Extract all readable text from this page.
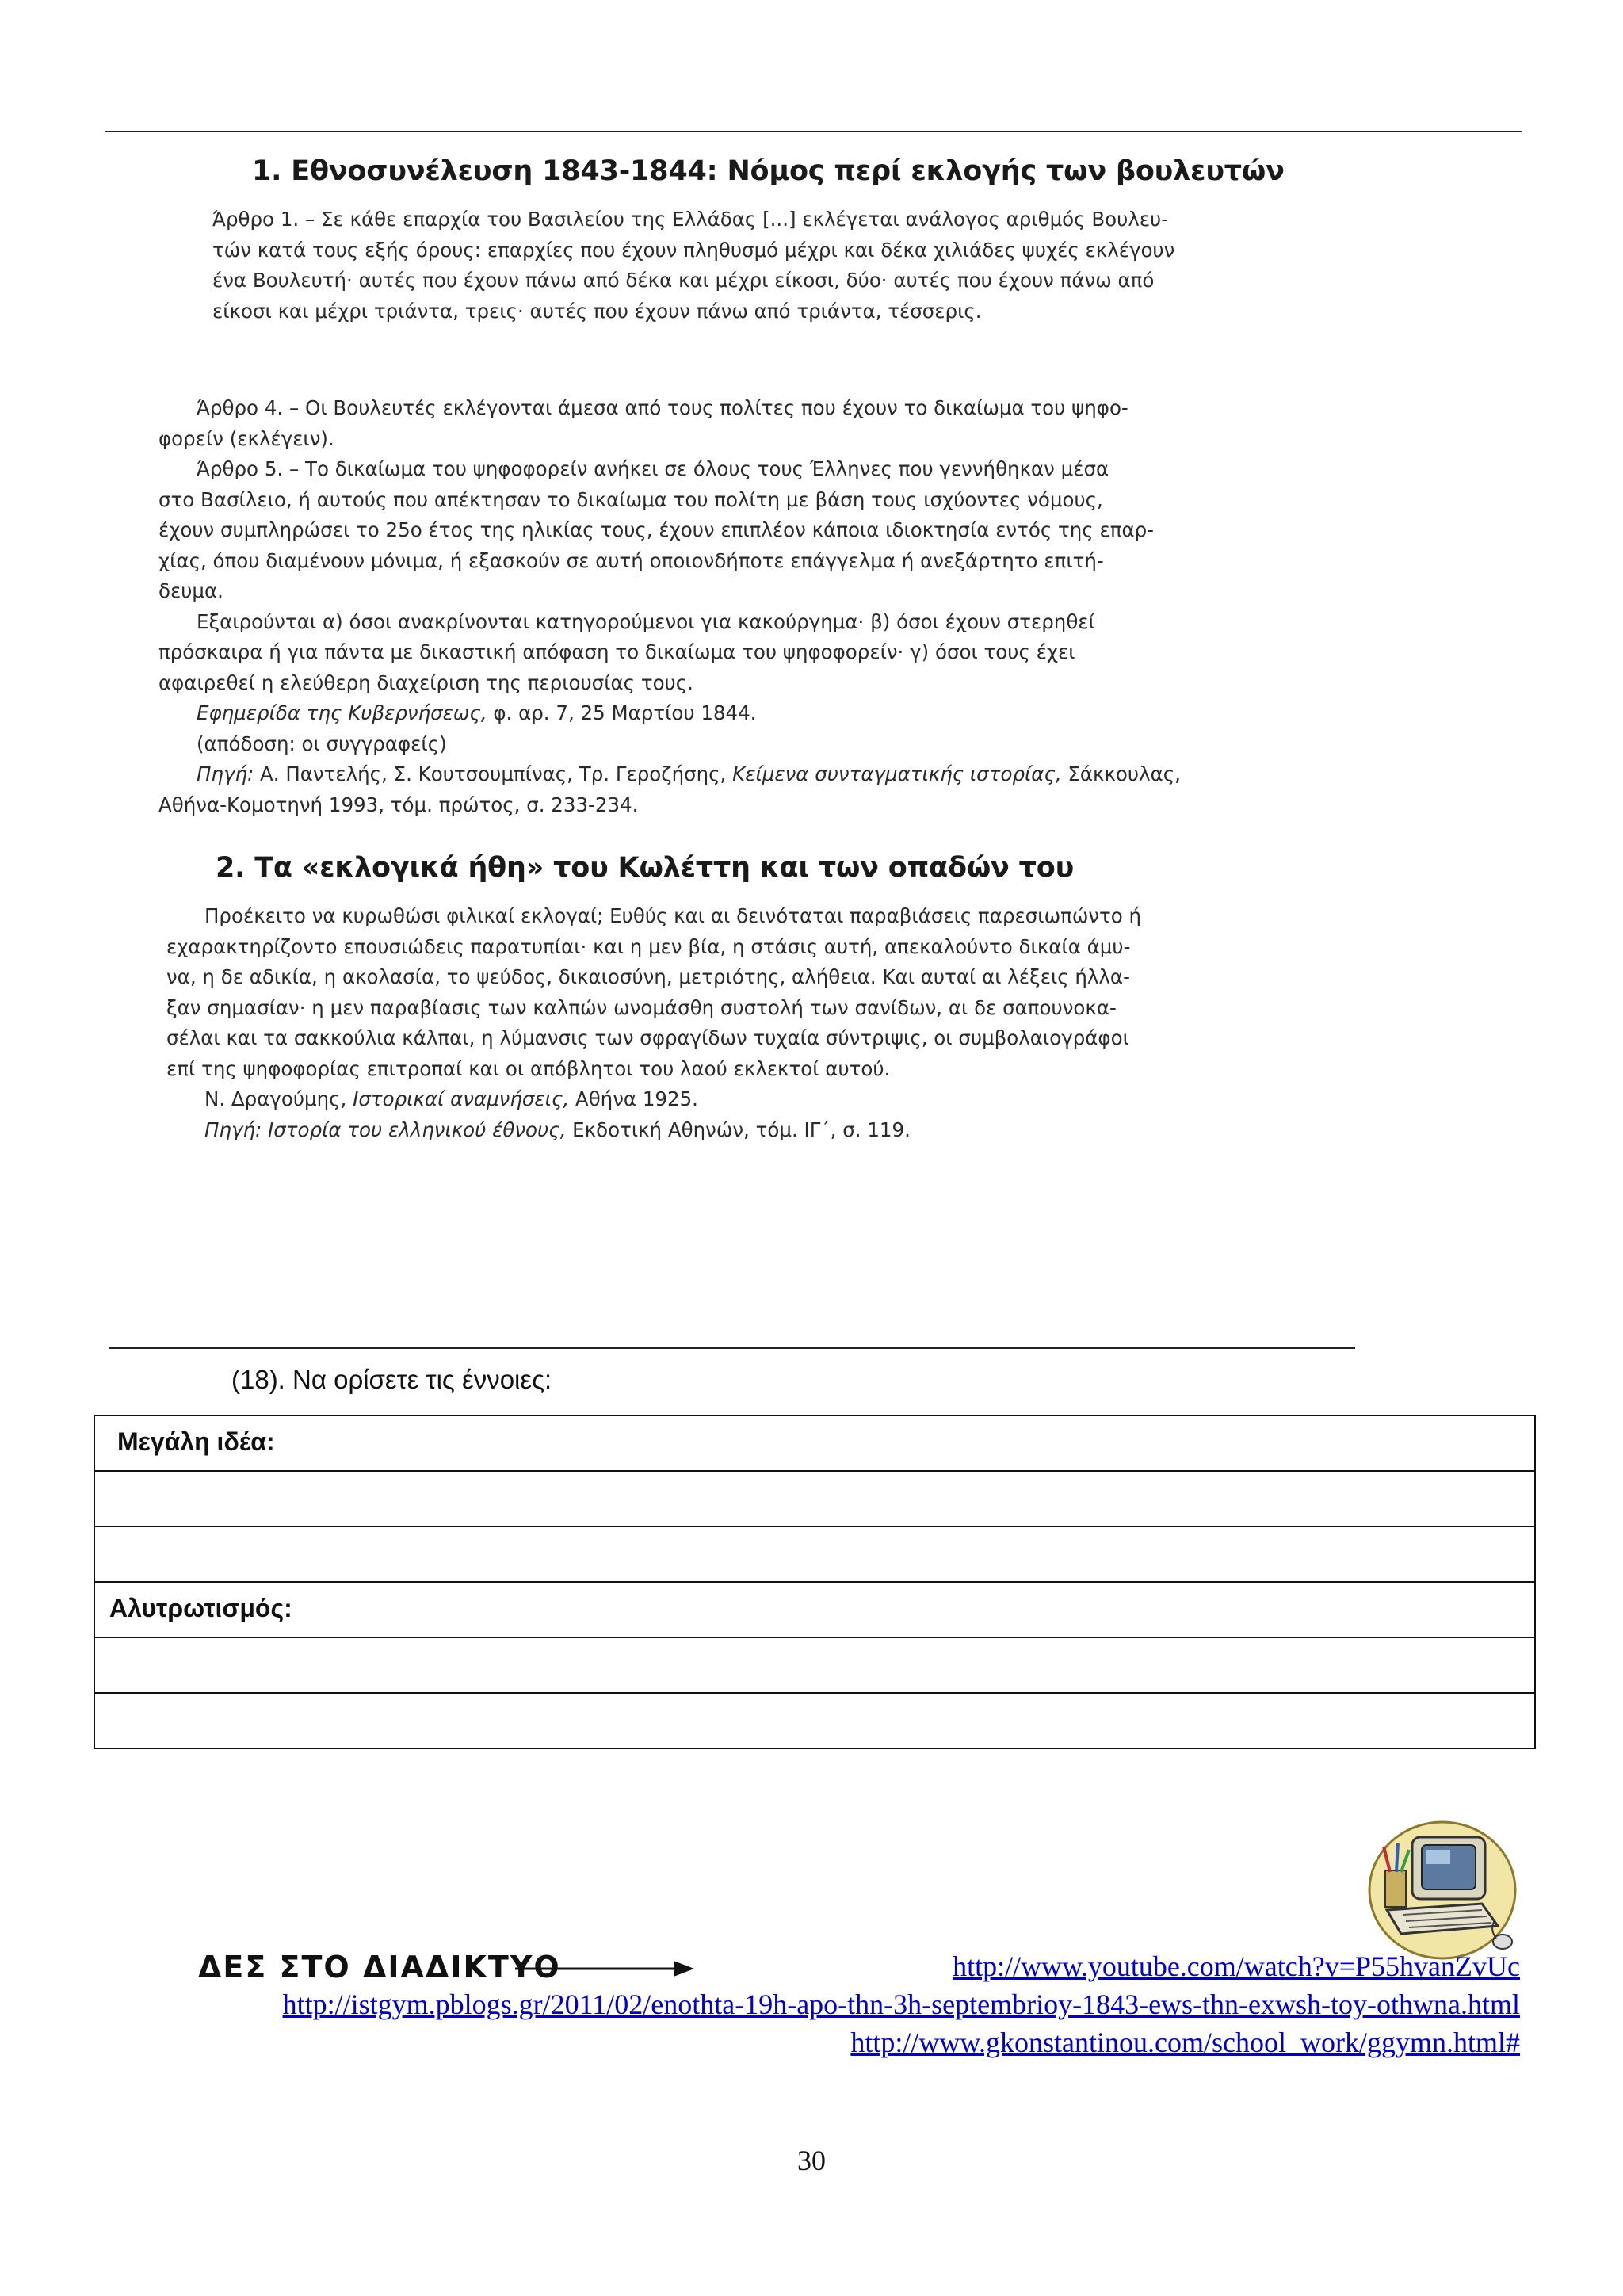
1. Εθνοσυνέλευση 1843-1844: Νόμος περί εκλογής των βουλευτών
Άρθρο 1. – Σε κάθε επαρχία του Βασιλείου της Ελλάδας [...] εκλέγεται ανάλογος αριθμός Βουλευ-
τών κατά τους εξής όρους: επαρχίες που έχουν πληθυσμό μέχρι και δέκα χιλιάδες ψυχές εκλέγουν
ένα Βουλευτή· αυτές που έχουν πάνω από δέκα και μέχρι είκοσι, δύο· αυτές που έχουν πάνω από
είκοσι και μέχρι τριάντα, τρεις· αυτές που έχουν πάνω από τριάντα, τέσσερις.
Άρθρο 4. – Οι Βουλευτές εκλέγονται άμεσα από τους πολίτες που έχουν το δικαίωμα του ψηφο-
φορείν (εκλέγειν).
Άρθρο 5. – Το δικαίωμα του ψηφοφορείν ανήκει σε όλους τους Έλληνες που γεννήθηκαν μέσα
στο Βασίλειο, ή αυτούς που απέκτησαν το δικαίωμα του πολίτη με βάση τους ισχύοντες νόμους,
έχουν συμπληρώσει το 25ο έτος της ηλικίας τους, έχουν επιπλέον κάποια ιδιοκτησία εντός της επαρ-
χίας, όπου διαμένουν μόνιμα, ή εξασκούν σε αυτή οποιονδήποτε επάγγελμα ή ανεξάρτητο επιτή-
δευμα.
Εξαιρούνται α) όσοι ανακρίνονται κατηγορούμενοι για κακούργημα· β) όσοι έχουν στερηθεί
πρόσκαιρα ή για πάντα με δικαστική απόφαση το δικαίωμα του ψηφοφορείν· γ) όσοι τους έχει
αφαιρεθεί η ελεύθερη διαχείριση της περιουσίας τους.
Εφημερίδα της Κυβερνήσεως, φ. αρ. 7, 25 Μαρτίου 1844.
(απόδοση: οι συγγραφείς)
Πηγή: Α. Παντελής, Σ. Κουτσουμπίνας, Τρ. Γεροζήσης, Κείμενα συνταγματικής ιστορίας, Σάκκουλας,
Αθήνα-Κομοτηνή 1993, τόμ. πρώτος, σ. 233-234.
2. Τα «εκλογικά ήθη» του Κωλέττη και των οπαδών του
Προέκειτο να κυρωθώσι φιλικαί εκλογαί; Ευθύς και αι δεινόταται παραβιάσεις παρεσιωπώντο ή
εχαρακτηρίζοντο επουσιώδεις παρατυπίαι· και η μεν βία, η στάσις αυτή, απεκαλούντο δικαία άμυ-
να, η δε αδικία, η ακολασία, το ψεύδος, δικαιοσύνη, μετριότης, αλήθεια. Και αυταί αι λέξεις ήλλα-
ξαν σημασίαν· η μεν παραβίασις των καλπών ωνομάσθη συστολή των σανίδων, αι δε σαπουνοκα-
σέλαι και τα σακκούλια κάλπαι, η λύμανσις των σφραγίδων τυχαία σύντριψις, οι συμβολαιογράφοι
επί της ψηφοφορίας επιτροπαί και οι απόβλητοι του λαού εκλεκτοί αυτού.
Ν. Δραγούμης, Ιστορικαί αναμνήσεις, Αθήνα 1925.
Πηγή: Ιστορία του ελληνικού έθνους, Εκδοτική Αθηνών, τόμ. ΙΓ΄, σ. 119.
(18). Να ορίσετε τις έννοιες:
Μεγάλη ιδέα:

Αλυτρωτισμός:

ΔΕΣ ΣΤΟ ΔΙΑΔΙΚΤΥΟ	http://www.youtube.com/watch?v=P55hvanZvUc
http://istgym.pblogs.gr/2011/02/enothta-19h-apo-thn-3h-septembrioy-1843-ews-thn-exwsh-toy-othwna.html
http://www.gkonstantinou.com/school_work/ggymn.html#
30
